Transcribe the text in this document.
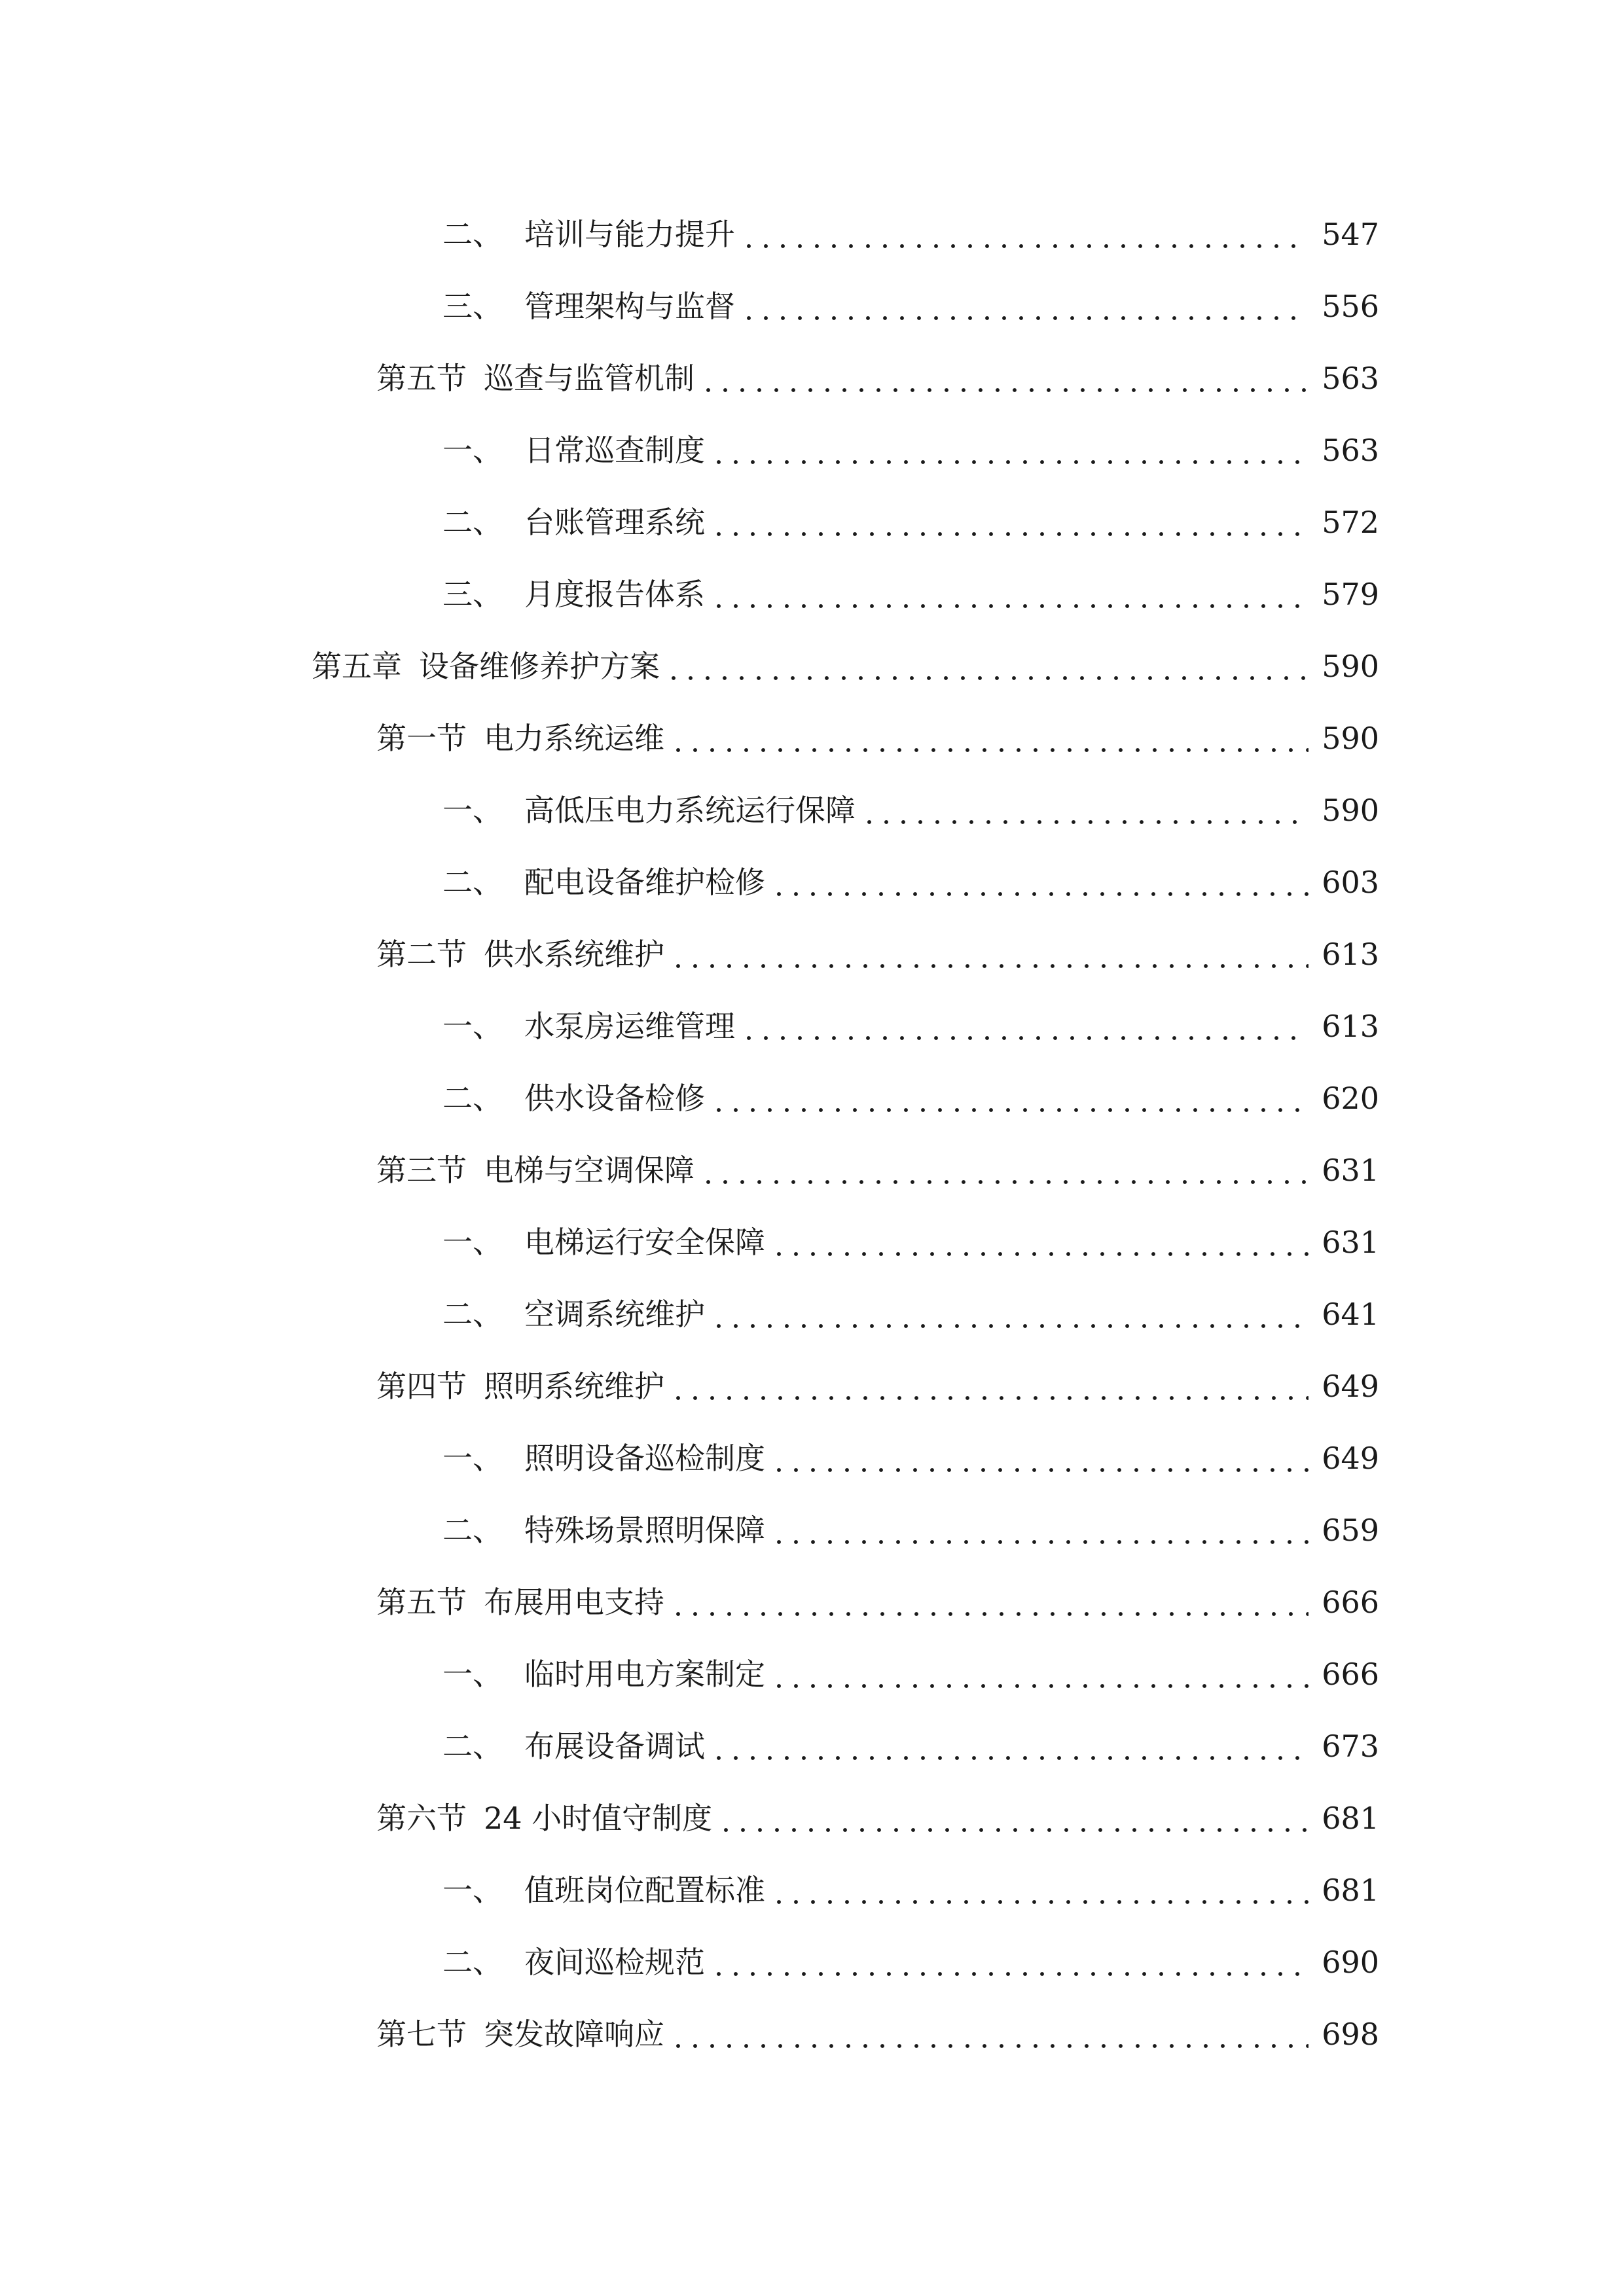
二、 培训与能力提升	547
三、 管理架构与监督	556
第五节 巡查与监管机制	563
一、 日常巡查制度	563
二、 台账管理系统	572
三、 月度报告体系	579
第五章 设备维修养护方案	590
第一节 电力系统运维	590
一、 高低压电力系统运行保障	590
二、 配电设备维护检修	603
第二节 供水系统维护	613
一、 水泵房运维管理	613
二、 供水设备检修	620
第三节 电梯与空调保障	631
一、 电梯运行安全保障	631
二、 空调系统维护	641
第四节 照明系统维护	649
一、 照明设备巡检制度	649
二、 特殊场景照明保障	659
第五节 布展用电支持	666
一、 临时用电方案制定	666
二、 布展设备调试	673
第六节 24 小时值守制度	681
一、 值班岗位配置标准	681
二、 夜间巡检规范	690
第七节 突发故障响应	698
